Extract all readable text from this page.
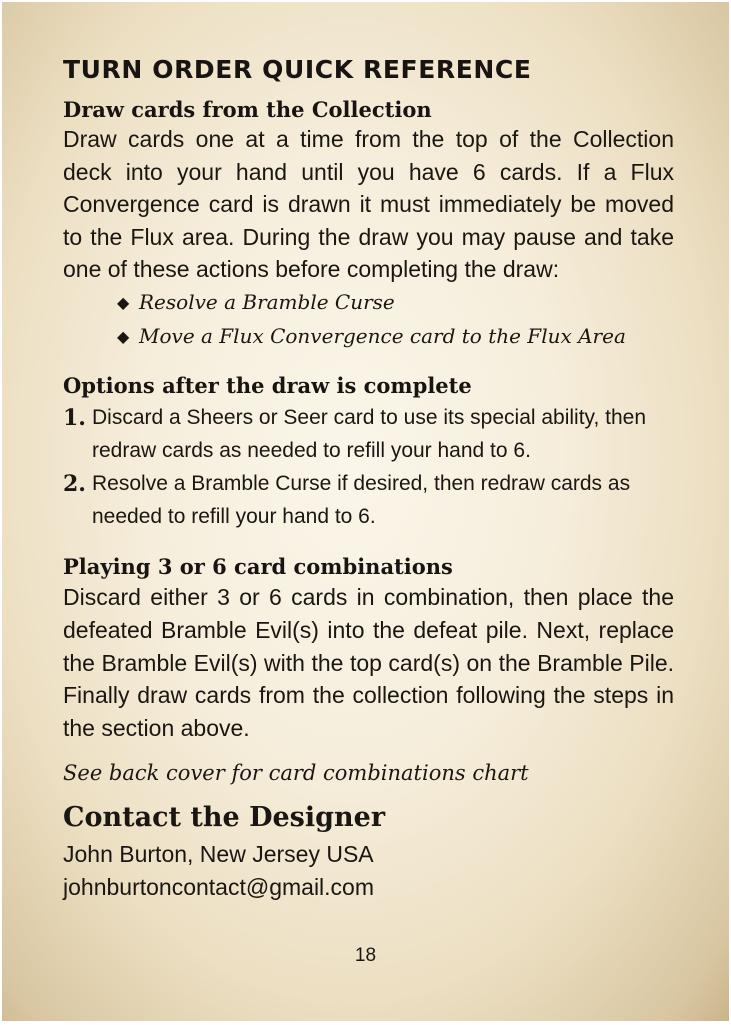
TURN ORDER QUICK REFERENCE
Draw cards from the Collection

Draw cards one at a time from the top of the Collection deck into your hand until you have 6 cards. If a Flux Convergence card is drawn it must immediately be moved to the Flux area. During the draw you may pause and take one of these actions before completing the draw:

◆ Resolve a Bramble Curse
◆ Move a Flux Convergence card to the Flux Area
Options after the draw is complete
1. Discard a Sheers or Seer card to use its special ability, then redraw cards as needed to refill your hand to 6.
2. Resolve a Bramble Curse if desired, then redraw cards as needed to refill your hand to 6.
Playing 3 or 6 card combinations

Discard either 3 or 6 cards in combination, then place the defeated Bramble Evil(s) into the defeat pile. Next, replace the Bramble Evil(s) with the top card(s) on the Bramble Pile. Finally draw cards from the collection following the steps in the section above.

See back cover for card combinations chart

Contact the Designer

John Burton, New Jersey USA

johnburtoncontact@gmail.com

18
